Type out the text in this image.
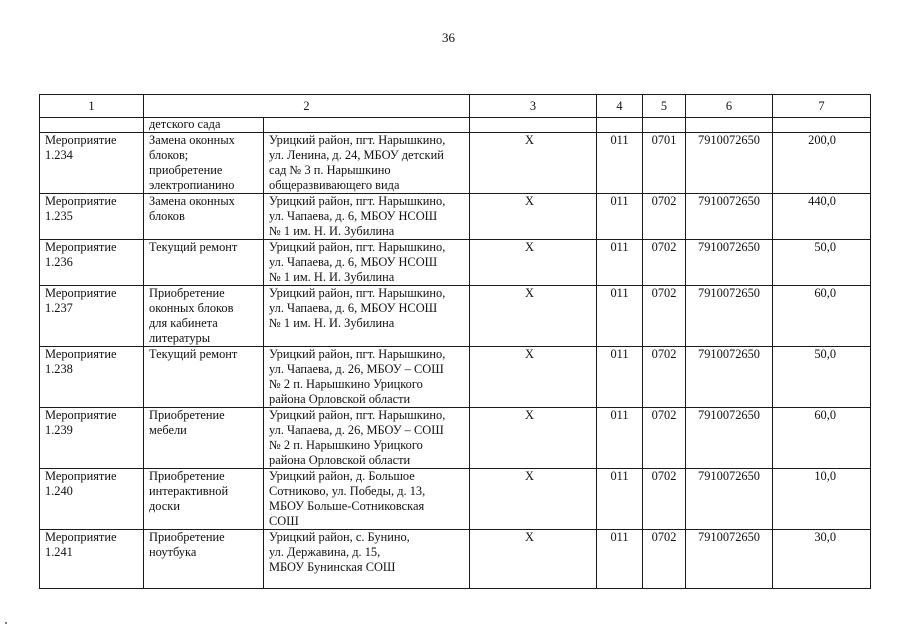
36
1	2		3	4	5	6	7
	детского сада						
Мероприятие
1.234	Замена оконных
блоков;
приобретение
электропианино	Урицкий район, пгт. Нарышкино,
ул. Ленина, д. 24, МБОУ детский
сад № 3 п. Нарышкино
общеразвивающего вида	X	011	0701	7910072650	200,0
Мероприятие
1.235	Замена оконных
блоков	Урицкий район, пгт. Нарышкино,
ул. Чапаева, д. 6, МБОУ НСОШ
№ 1 им. Н. И. Зубилина	X	011	0702	7910072650	440,0
Мероприятие
1.236	Текущий ремонт	Урицкий район, пгт. Нарышкино,
ул. Чапаева, д. 6, МБОУ НСОШ
№ 1 им. Н. И. Зубилина	X	011	0702	7910072650	50,0
Мероприятие
1.237	Приобретение
оконных блоков
для кабинета
литературы	Урицкий район, пгт. Нарышкино,
ул. Чапаева, д. 6, МБОУ НСОШ
№ 1 им. Н. И. Зубилина	X	011	0702	7910072650	60,0
Мероприятие
1.238	Текущий ремонт	Урицкий район, пгт. Нарышкино,
ул. Чапаева, д. 26, МБОУ – СОШ
№ 2 п. Нарышкино Урицкого
района Орловской области	X	011	0702	7910072650	50,0
Мероприятие
1.239	Приобретение
мебели	Урицкий район, пгт. Нарышкино,
ул. Чапаева, д. 26, МБОУ – СОШ
№ 2 п. Нарышкино Урицкого
района Орловской области	X	011	0702	7910072650	60,0
Мероприятие
1.240	Приобретение
интерактивной
доски	Урицкий район, д. Большое
Сотниково, ул. Победы, д. 13,
МБОУ Больше-Сотниковская
СОШ	X	011	0702	7910072650	10,0
Мероприятие
1.241	Приобретение
ноутбука	Урицкий район, с. Бунино,
ул. Державина, д. 15,
МБОУ Бунинская СОШ	X	011	0702	7910072650	30,0
